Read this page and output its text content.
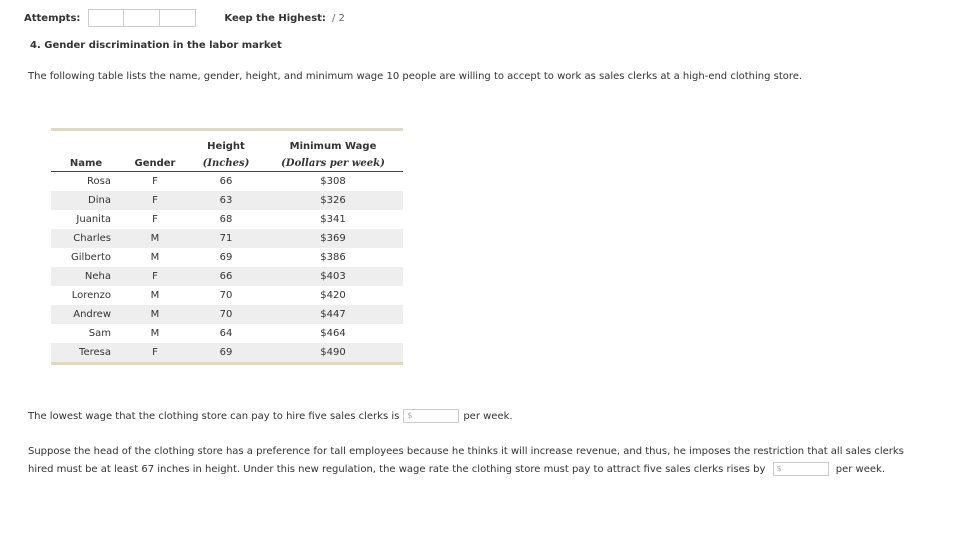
Attempts:	Keep the Highest: / 2
4. Gender discrimination in the labor market
The following table lists the name, gender, height, and minimum wage 10 people are willing to accept to work as sales clerks at a high-end clothing store.
		Height	Minimum Wage
Name	Gender	(Inches)	(Dollars per week)
Rosa	F	66	$308
Dina	F	63	$326
Juanita	F	68	$341
Charles	M	71	$369
Gilberto	M	69	$386
Neha	F	66	$403
Lorenzo	M	70	$420
Andrew	M	70	$447
Sam	M	64	$464
Teresa	F	69	$490
The lowest wage that the clothing store can pay to hire five sales clerks is	$	per week.
Suppose the head of the clothing store has a preference for tall employees because he thinks it will increase revenue, and thus, he imposes the restriction that all sales clerks hired must be at least 67 inches in height. Under this new regulation, the wage rate the clothing store must pay to attract five sales clerks rises by $	per week.
